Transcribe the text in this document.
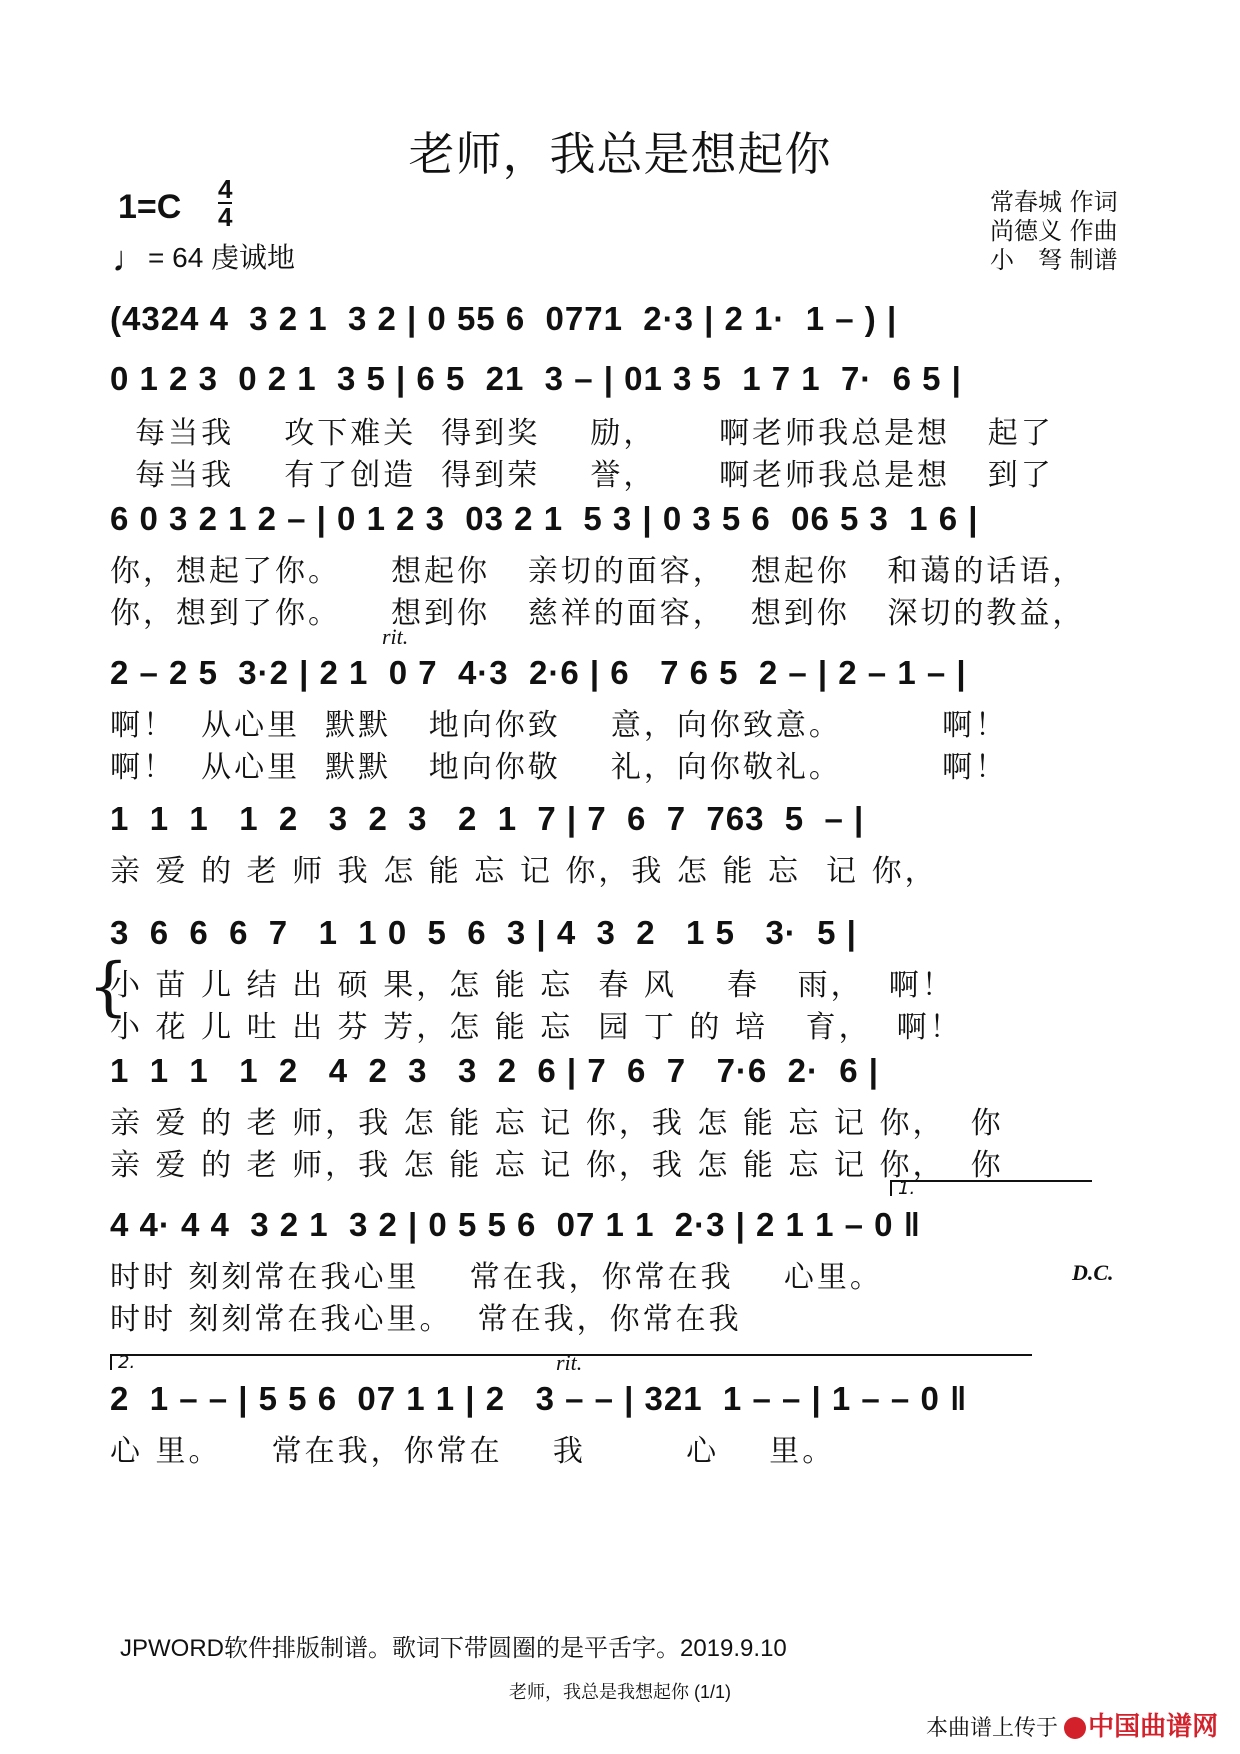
老师，我总是想起你
1=C 4
4
♩= 64 虔诚地
常春城 作词
尚德义 作曲
小　弩 制谱
(4324 4  3 2 1  3 2 | 0 55 6  0771  2·3 | 2 1·  1 – ) |
0 1 2 3  0 2 1  3 5 | 6 5  21  3 – | 01 3 5  1 7 1  7·  6 5 |
每当我    攻下难关  得到奖    励，     啊老师我总是想   起了
每当我    有了创造  得到荣    誉，     啊老师我总是想   到了
6 0 3 2 1 2 – | 0 1 2 3  03 2 1  5 3 | 0 3 5 6  06 5 3  1 6 |
你，想起了你。    想起你   亲切的面容，  想起你   和蔼的话语，
你，想到了你。    想到你   慈祥的面容，  想到你   深切的教益，
rit.
2 – 2 5  3·2 | 2 1  0 7  4·3  2·6 | 6   7 6 5  2 – | 2 – 1 – |
啊！  从心里  默默   地向你致    意，向你致意。        啊！
啊！  从心里  默默   地向你敬    礼，向你敬礼。        啊！
1  1  1   1  2   3  2  3   2  1  7 | 7  6  7  763  5  – |
亲 爱 的 老 师 我 怎 能 忘 记 你，我 怎 能 忘  记 你，
{
3  6  6  6  7   1  1 0  5  6  3 | 4  3  2   1 5   3·  5 |
小 苗 儿 结 出 硕 果，怎 能 忘  春 风    春   雨，  啊！
小 花 儿 吐 出 芬 芳，怎 能 忘  园 丁 的 培   育，  啊！
1  1  1   1  2   4  2  3   3  2  6 | 7  6  7   7·6  2·  6 |
亲 爱 的 老 师，我 怎 能 忘 记 你，我 怎 能 忘 记 你，  你
亲 爱 的 老 师，我 怎 能 忘 记 你，我 怎 能 忘 记 你，  你
1.
4 4· 4 4  3 2 1  3 2 | 0 5 5 6  07 1 1  2·3 | 2 1 1 – 0 ‖
D.C.
时时 刻刻常在我心里    常在我，你常在我    心里。
时时 刻刻常在我心里。  常在我，你常在我
2.	rit.
2  1 – – | 5 5 6  07 1 1 | 2   3 – – | 321  1 – – | 1 – – 0 ‖
心 里。    常在我，你常在    我        心    里。
JPWORD软件排版制谱。歌词下带圆圈的是平舌字。2019.9.10
老师，我总是我想起你 (1/1)
本曲谱上传于 中国曲谱网
